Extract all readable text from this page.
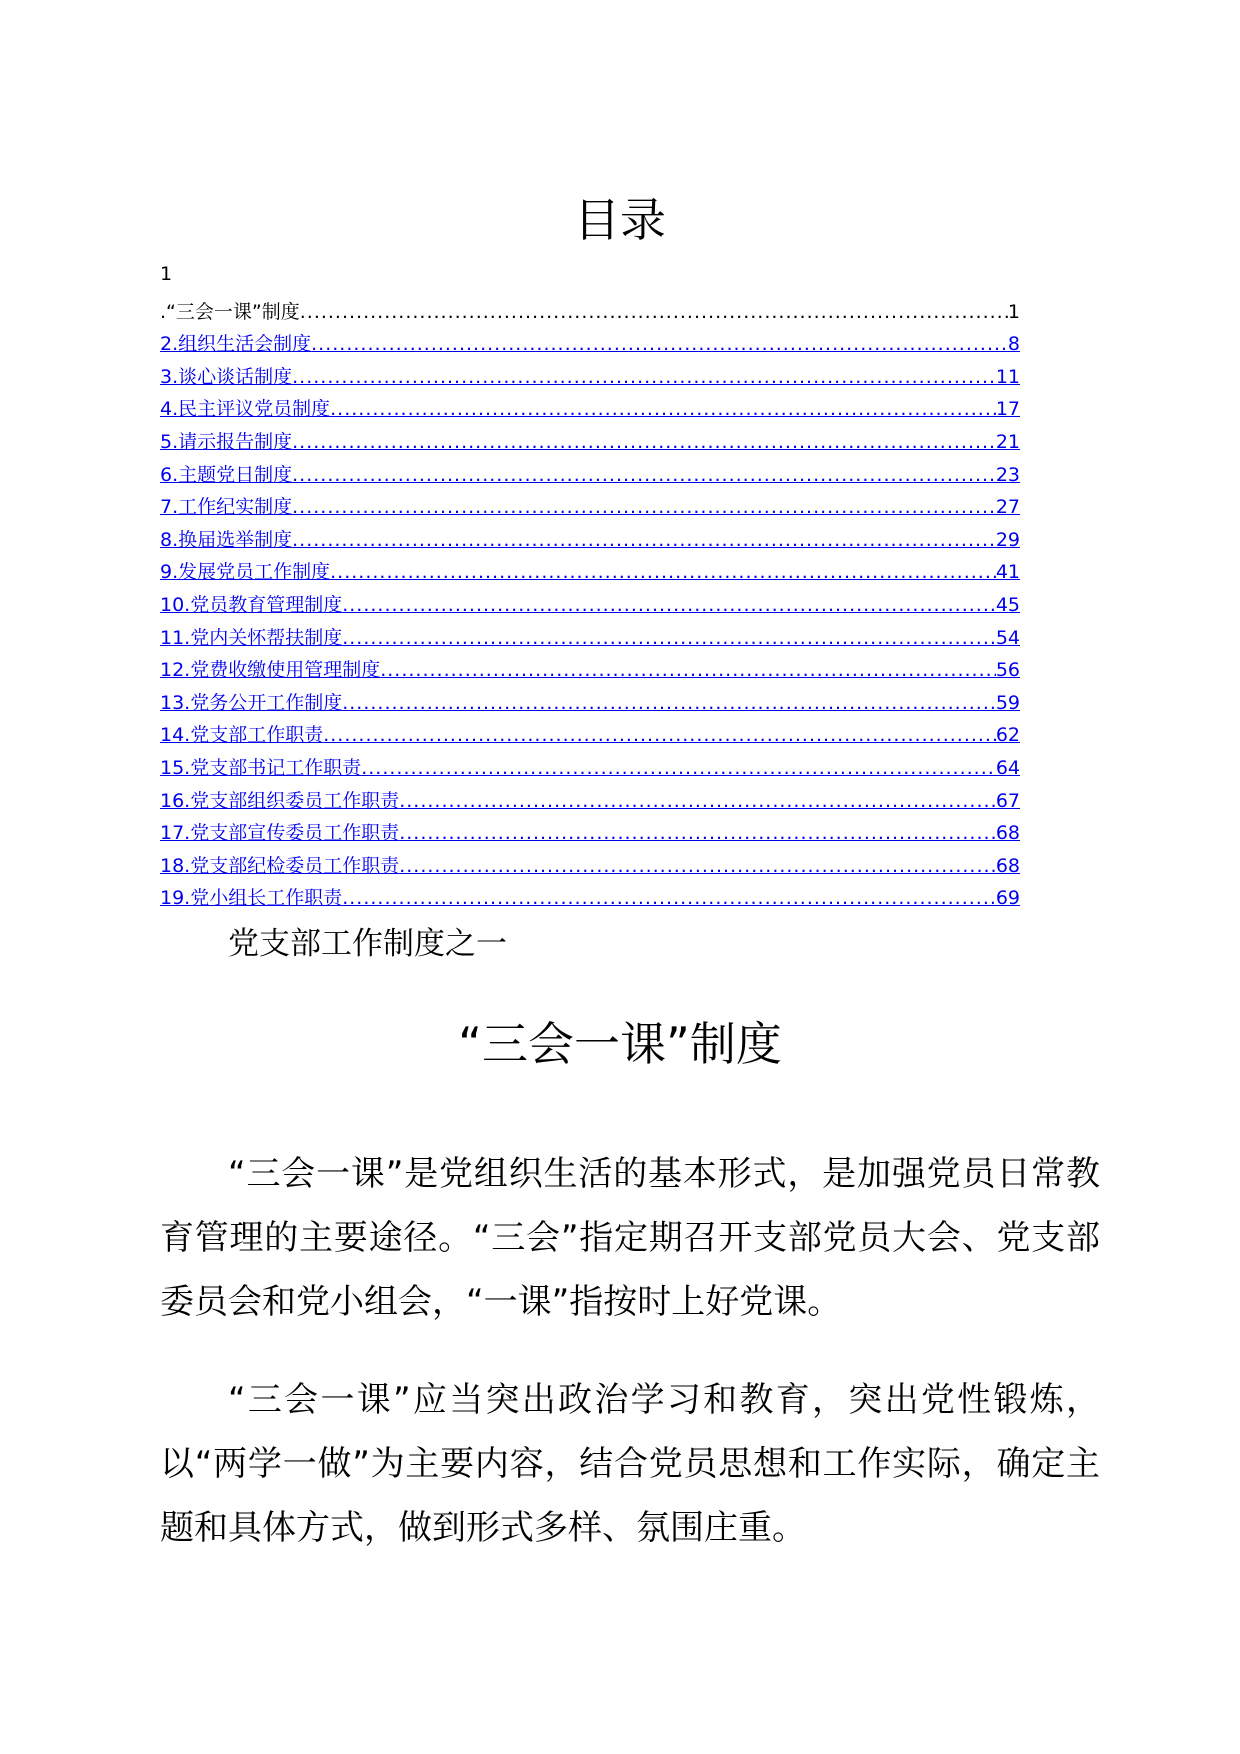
目录
1
.“三会一课”制度 .....	1
2.组织生活会制度 .....	8
3.谈心谈话制度 .....	11
4.民主评议党员制度 .....	17
5.请示报告制度 .....	21
6.主题党日制度 .....	23
7.工作纪实制度 .....	27
8.换届选举制度 .....	29
9.发展党员工作制度 .....	41
10.党员教育管理制度 .....	45
11.党内关怀帮扶制度 .....	54
12.党费收缴使用管理制度 .....	56
13.党务公开工作制度 .....	59
14.党支部工作职责 .....	62
15.党支部书记工作职责 .....	64
16.党支部组织委员工作职责 .....	67
17.党支部宣传委员工作职责 .....	68
18.党支部纪检委员工作职责 .....	68
19.党小组长工作职责 .....	69
党支部工作制度之一
“三会一课”制度

“三会一课”是党组织生活的基本形式，是加强党员日常教育管理的主要途径。“三会”指定期召开支部党员大会、党支部委员会和党小组会，“一课”指按时上好党课。

“三会一课”应当突出政治学习和教育，突出党性锻炼，以“两学一做”为主要内容，结合党员思想和工作实际，确定主题和具体方式，做到形式多样、氛围庄重。
